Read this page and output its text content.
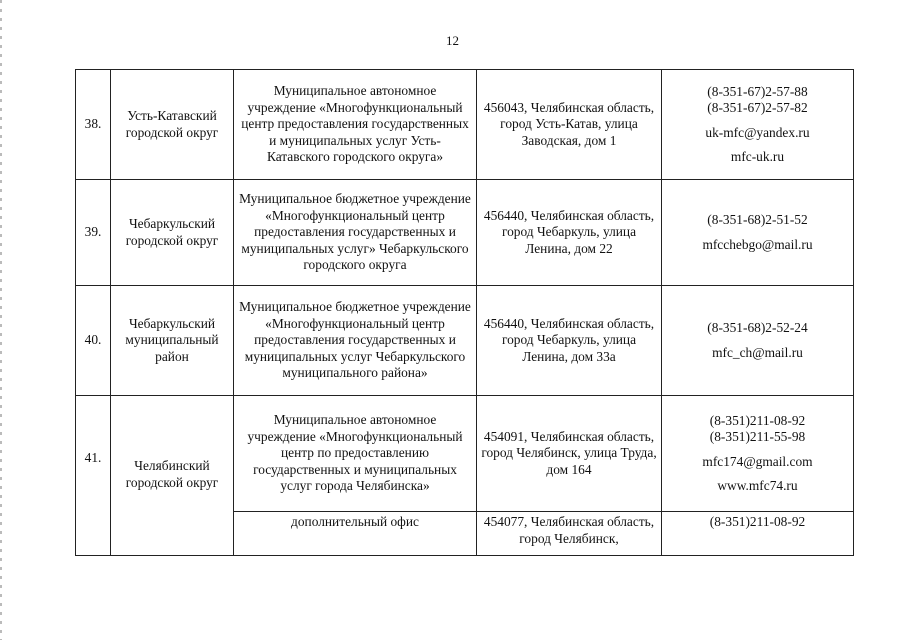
12
38.	Усть-Катавский городской округ	Муниципальное автономное учреждение «Многофункциональный центр предоставления государственных и муниципальных услуг Усть-Катавского городского округа»	456043, Челябинская область, город Усть-Катав, улица Заводская, дом 1	(8-351-67)2-57-88
(8-351-67)2-57-82
uk-mfc@yandex.ru
mfc-uk.ru

39.	Чебаркульский городской округ	Муниципальное бюджетное учреждение «Многофункциональный центр предоставления государственных и муниципальных услуг» Чебаркульского городского округа	456440, Челябинская область, город Чебаркуль, улица Ленина, дом 22	(8-351-68)2-51-52
mfcchebgo@mail.ru

40.	Чебаркульский муниципальный район	Муниципальное бюджетное учреждение «Многофункциональный центр предоставления государственных и муниципальных услуг Чебаркульского муниципального района»	456440, Челябинская область, город Чебаркуль, улица Ленина, дом 33а	(8-351-68)2-52-24
mfc_ch@mail.ru

41.	Челябинский городской округ	Муниципальное автономное учреждение «Многофункциональный центр по предоставлению государственных и муниципальных услуг города Челябинска»	454091, Челябинская область, город Челябинск, улица Труда, дом 164	(8-351)211-08-92
(8-351)211-55-98
mfc174@gmail.com
www.mfc74.ru

		дополнительный офис	454077, Челябинская область, город Челябинск,	(8-351)211-08-92
